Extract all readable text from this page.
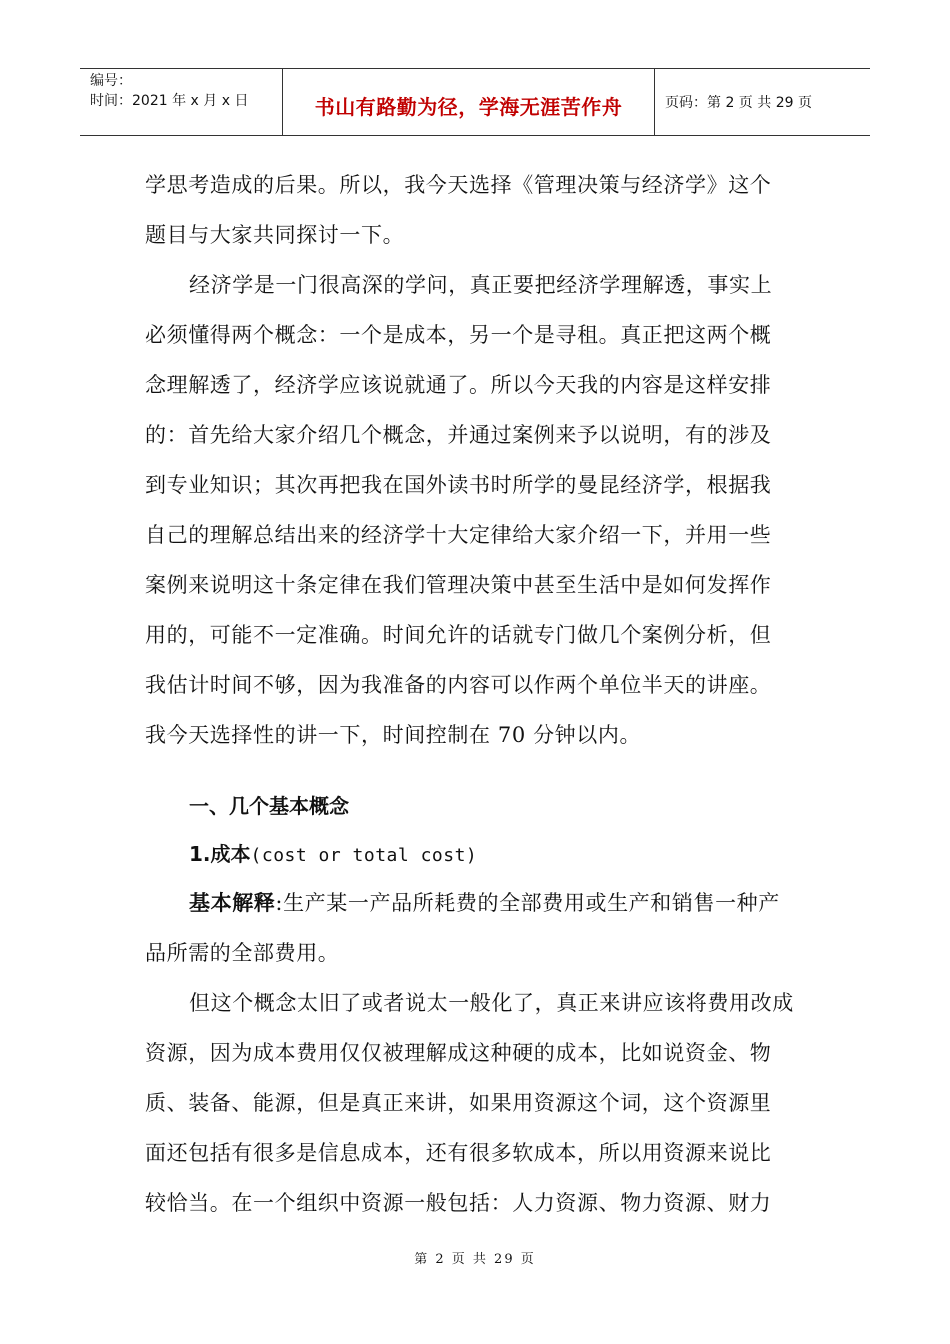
编号：
时间：2021 年 x 月 x 日	书山有路勤为径，学海无涯苦作舟	页码：第 2 页 共 29 页

学思考造成的后果。所以，我今天选择《管理决策与经济学》这个

题目与大家共同探讨一下。

经济学是一门很高深的学问，真正要把经济学理解透，事实上

必须懂得两个概念：一个是成本，另一个是寻租。真正把这两个概

念理解透了，经济学应该说就通了。所以今天我的内容是这样安排

的：首先给大家介绍几个概念，并通过案例来予以说明，有的涉及

到专业知识；其次再把我在国外读书时所学的曼昆经济学，根据我

自己的理解总结出来的经济学十大定律给大家介绍一下，并用一些

案例来说明这十条定律在我们管理决策中甚至生活中是如何发挥作

用的，可能不一定准确。时间允许的话就专门做几个案例分析，但

我估计时间不够，因为我准备的内容可以作两个单位半天的讲座。

我今天选择性的讲一下，时间控制在 70 分钟以内。

一、几个基本概念
1.成本(cost or total cost)

基本解释:生产某一产品所耗费的全部费用或生产和销售一种产

品所需的全部费用。

但这个概念太旧了或者说太一般化了，真正来讲应该将费用改成

资源，因为成本费用仅仅被理解成这种硬的成本，比如说资金、物

质、装备、能源，但是真正来讲，如果用资源这个词，这个资源里

面还包括有很多是信息成本，还有很多软成本，所以用资源来说比

较恰当。在一个组织中资源一般包括：人力资源、物力资源、财力

第 2 页 共 29 页
